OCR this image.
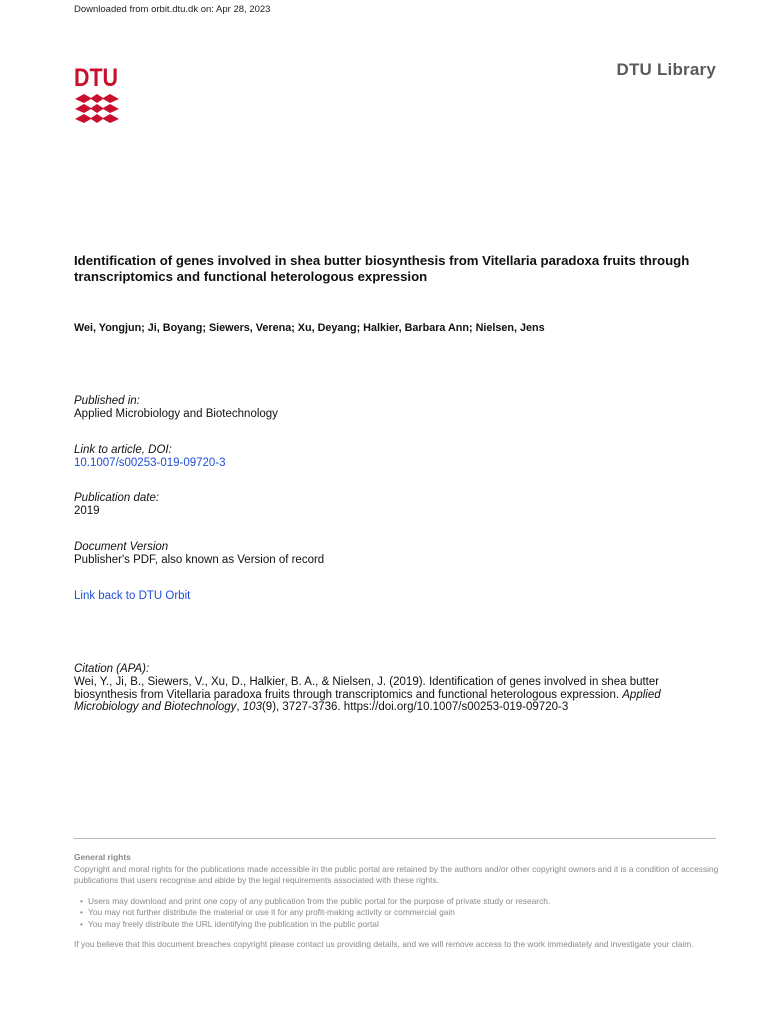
Downloaded from orbit.dtu.dk on: Apr 28, 2023
DTU	DTU Library
Identification of genes involved in shea butter biosynthesis from Vitellaria paradoxa fruits through transcriptomics and functional heterologous expression
Wei, Yongjun; Ji, Boyang; Siewers, Verena; Xu, Deyang; Halkier, Barbara Ann; Nielsen, Jens
Published in:
Applied Microbiology and Biotechnology
Link to article, DOI:
10.1007/s00253-019-09720-3
Publication date:
2019
Document Version
Publisher's PDF, also known as Version of record
Link back to DTU Orbit
Citation (APA):
Wei, Y., Ji, B., Siewers, V., Xu, D., Halkier, B. A., & Nielsen, J. (2019). Identification of genes involved in shea butter biosynthesis from Vitellaria paradoxa fruits through transcriptomics and functional heterologous expression. Applied Microbiology and Biotechnology, 103(9), 3727-3736. https://doi.org/10.1007/s00253-019-09720-3
General rights
Copyright and moral rights for the publications made accessible in the public portal are retained by the authors and/or other copyright owners and it is a condition of accessing publications that users recognise and abide by the legal requirements associated with these rights.
• Users may download and print one copy of any publication from the public portal for the purpose of private study or research.
• You may not further distribute the material or use it for any profit-making activity or commercial gain
• You may freely distribute the URL identifying the publication in the public portal
If you believe that this document breaches copyright please contact us providing details, and we will remove access to the work immediately and investigate your claim.
